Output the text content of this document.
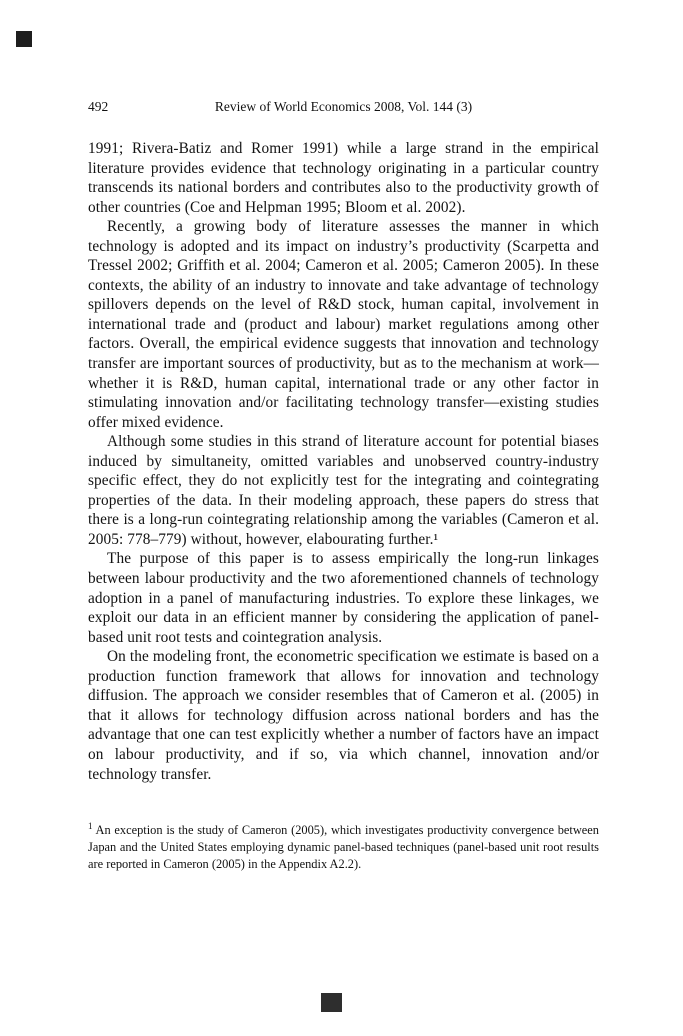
492	Review of World Economics 2008, Vol. 144 (3)

1991; Rivera-Batiz and Romer 1991) while a large strand in the empirical literature provides evidence that technology originating in a particular country transcends its national borders and contributes also to the productivity growth of other countries (Coe and Helpman 1995; Bloom et al. 2002).

Recently, a growing body of literature assesses the manner in which technology is adopted and its impact on industry’s productivity (Scarpetta and Tressel 2002; Griffith et al. 2004; Cameron et al. 2005; Cameron 2005). In these contexts, the ability of an industry to innovate and take advantage of technology spillovers depends on the level of R&D stock, human capital, involvement in international trade and (product and labour) market regulations among other factors. Overall, the empirical evidence suggests that innovation and technology transfer are important sources of productivity, but as to the mechanism at work—whether it is R&D, human capital, international trade or any other factor in stimulating innovation and/or facilitating technology transfer—existing studies offer mixed evidence.

Although some studies in this strand of literature account for potential biases induced by simultaneity, omitted variables and unobserved country-industry specific effect, they do not explicitly test for the integrating and cointegrating properties of the data. In their modeling approach, these papers do stress that there is a long-run cointegrating relationship among the variables (Cameron et al. 2005: 778–779) without, however, elabourating further.¹

The purpose of this paper is to assess empirically the long-run linkages between labour productivity and the two aforementioned channels of technology adoption in a panel of manufacturing industries. To explore these linkages, we exploit our data in an efficient manner by considering the application of panel-based unit root tests and cointegration analysis.

On the modeling front, the econometric specification we estimate is based on a production function framework that allows for innovation and technology diffusion. The approach we consider resembles that of Cameron et al. (2005) in that it allows for technology diffusion across national borders and has the advantage that one can test explicitly whether a number of factors have an impact on labour productivity, and if so, via which channel, innovation and/or technology transfer.

$^1$ An exception is the study of Cameron (2005), which investigates productivity convergence between Japan and the United States employing dynamic panel-based techniques (panel-based unit root results are reported in Cameron (2005) in the Appendix A2.2).
